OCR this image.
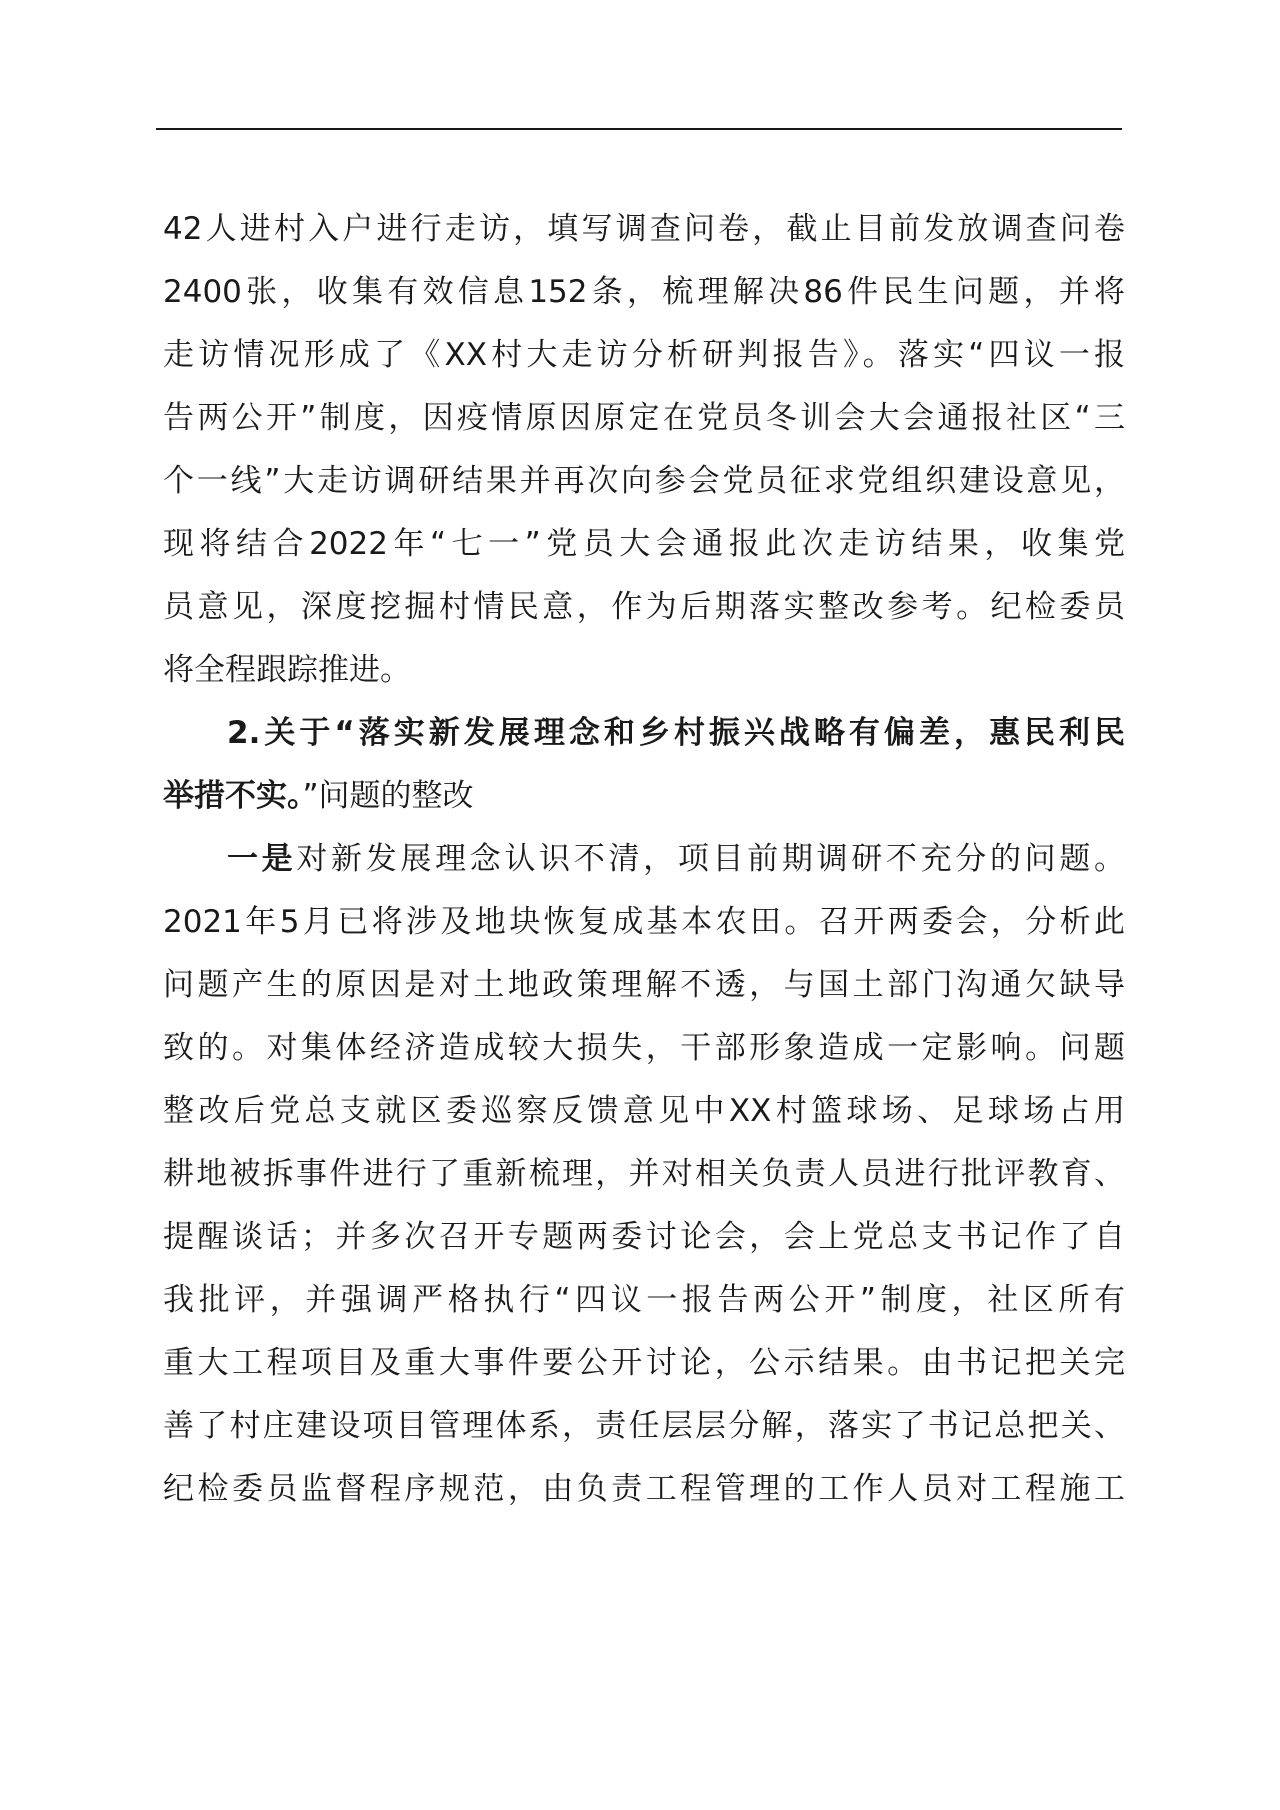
42人进村入户进行走访，填写调查问卷，截止目前发放调查问卷
2400张，收集有效信息152条，梳理解决86件民生问题，并将
走访情况形成了《XX村大走访分析研判报告》。落实“四议一报
告两公开”制度，因疫情原因原定在党员冬训会大会通报社区“三
个一线”大走访调研结果并再次向参会党员征求党组织建设意见，
现将结合2022年“七一”党员大会通报此次走访结果，收集党
员意见，深度挖掘村情民意，作为后期落实整改参考。纪检委员
将全程跟踪推进。
2.关于“落实新发展理念和乡村振兴战略有偏差，惠民利民
举措不实。”问题的整改
一是对新发展理念认识不清，项目前期调研不充分的问题。
2021年5月已将涉及地块恢复成基本农田。召开两委会，分析此
问题产生的原因是对土地政策理解不透，与国土部门沟通欠缺导
致的。对集体经济造成较大损失，干部形象造成一定影响。问题
整改后党总支就区委巡察反馈意见中XX村篮球场、足球场占用
耕地被拆事件进行了重新梳理，并对相关负责人员进行批评教育、
提醒谈话；并多次召开专题两委讨论会，会上党总支书记作了自
我批评，并强调严格执行“四议一报告两公开”制度，社区所有
重大工程项目及重大事件要公开讨论，公示结果。由书记把关完
善了村庄建设项目管理体系，责任层层分解，落实了书记总把关、
纪检委员监督程序规范，由负责工程管理的工作人员对工程施工
